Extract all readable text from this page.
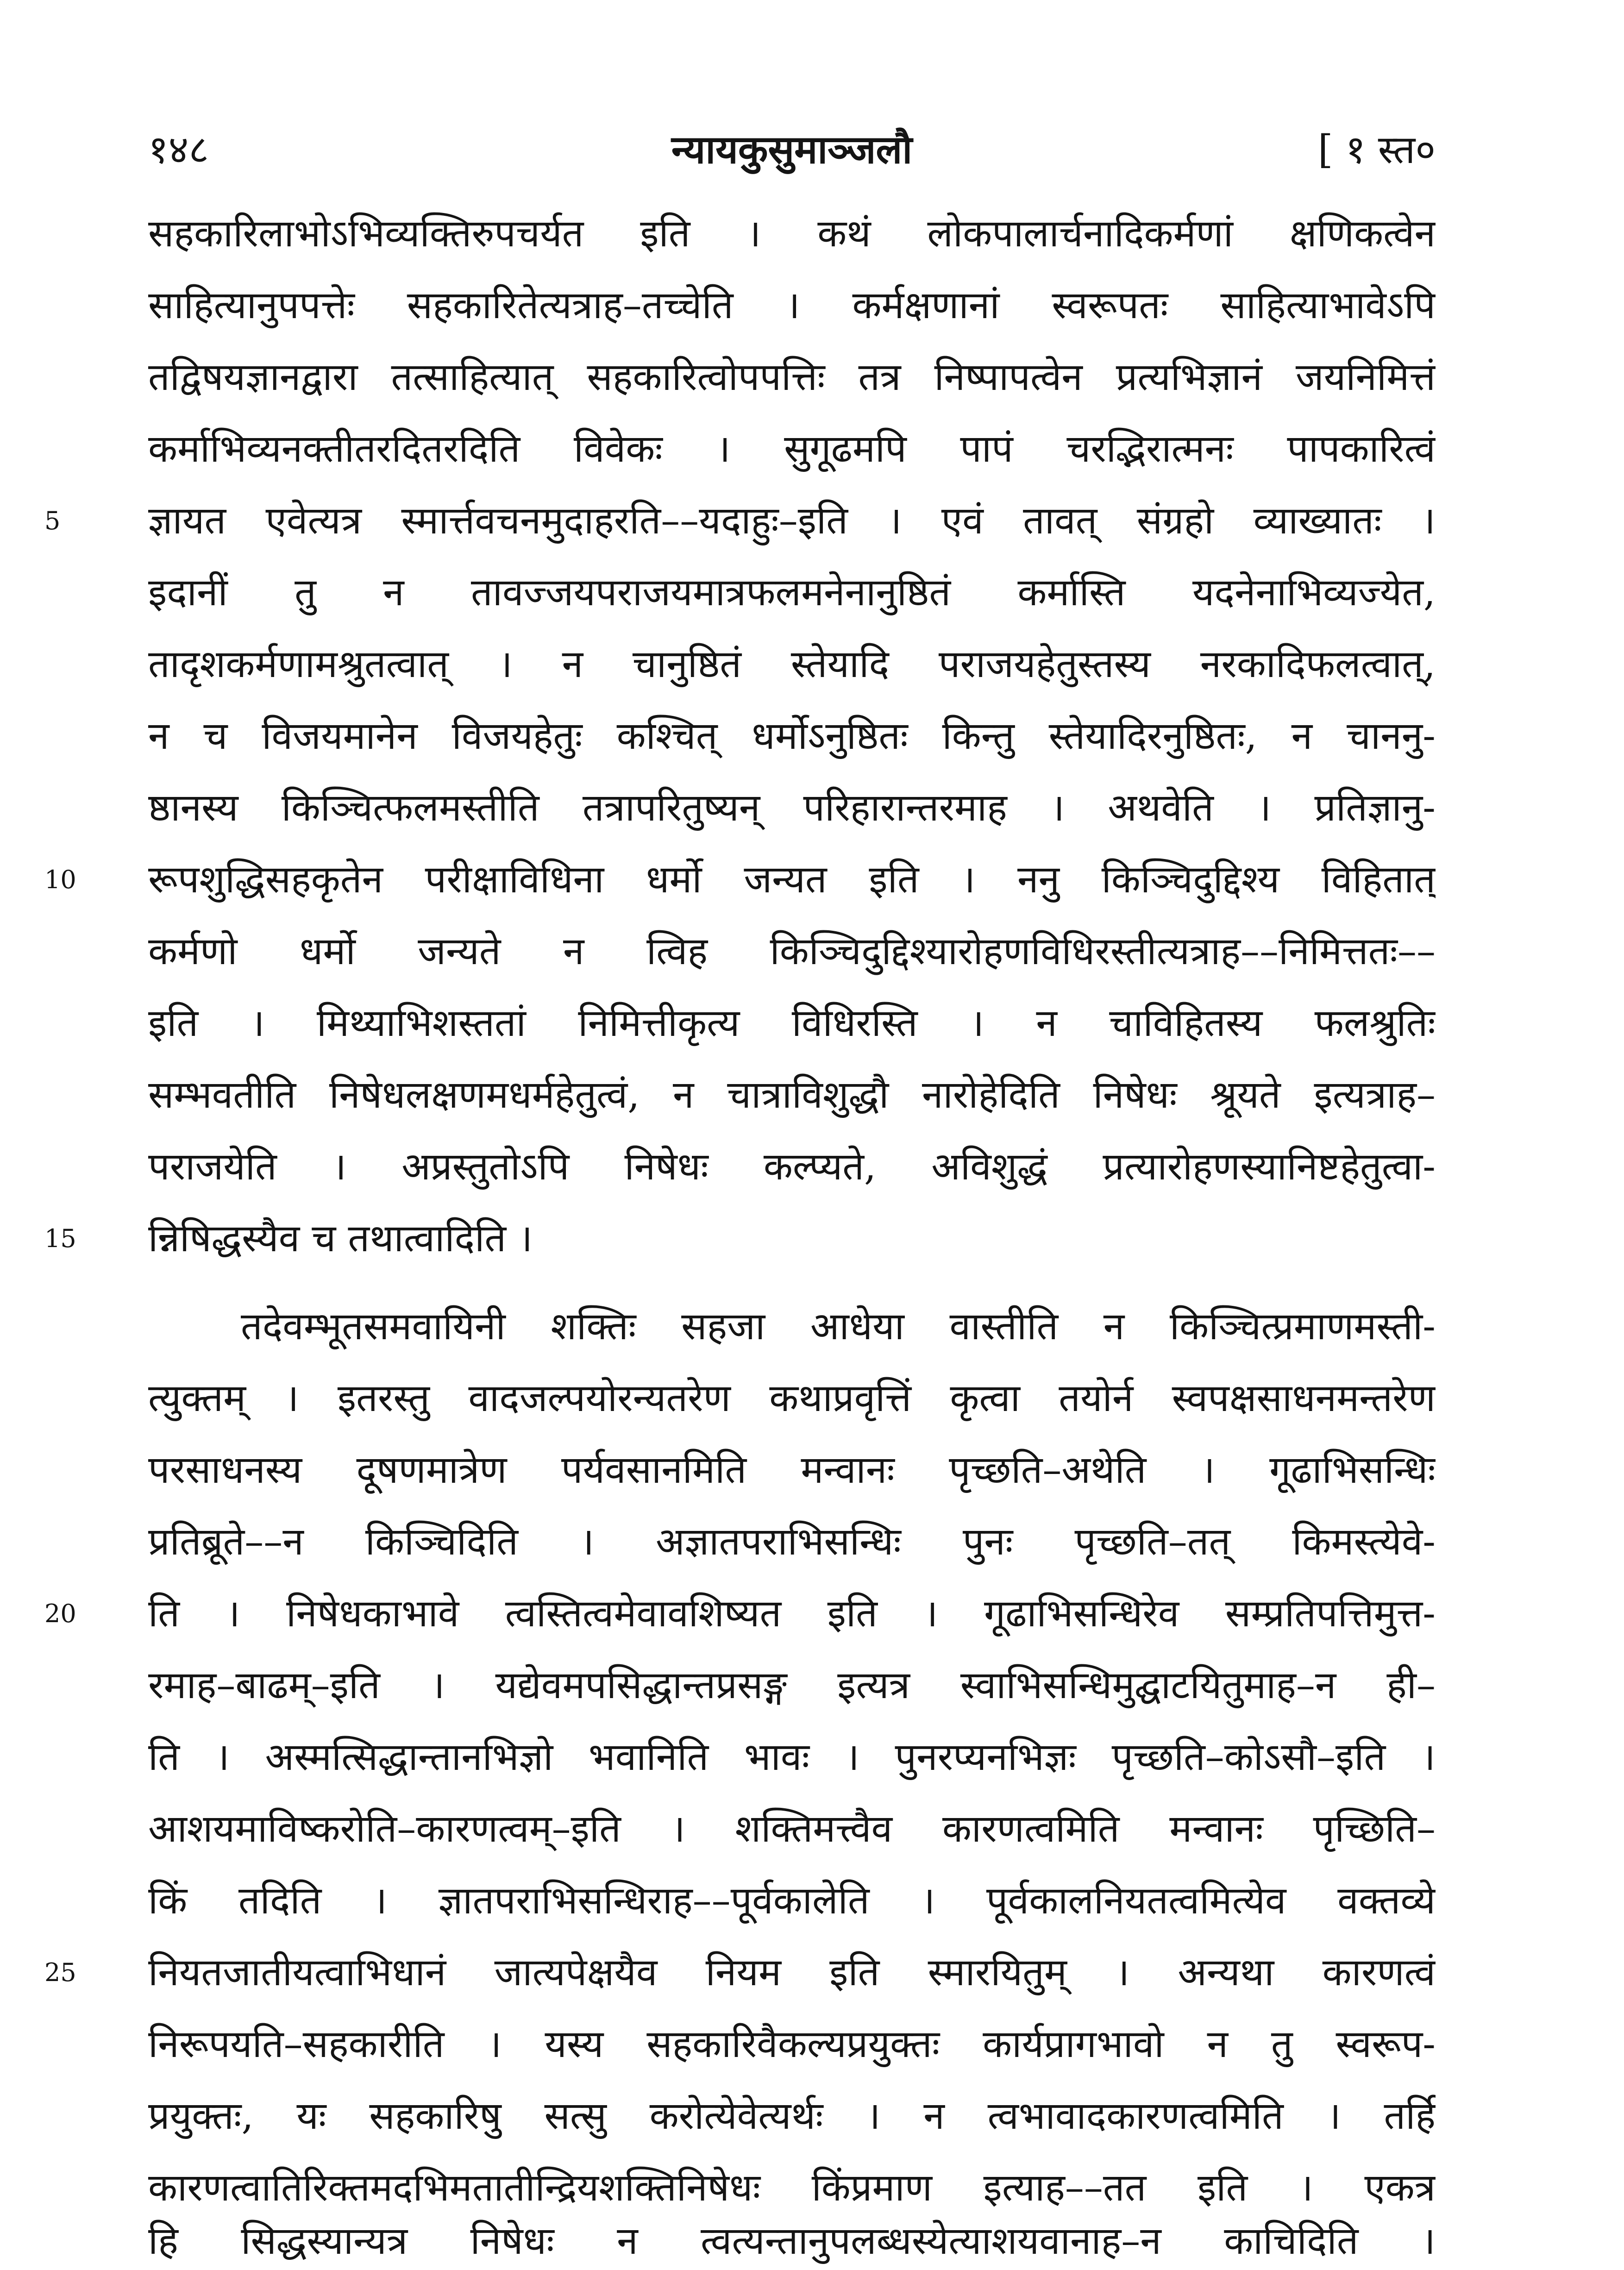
१४८	न्यायकुसुमाञ्जलौ	[ १ स्त०
सहकारिलाभोऽभिव्यक्तिरुपचर्यत इति । कथं लोकपालार्चनादिकर्मणां क्षणिकत्वेन
साहित्यानुपपत्तेः सहकारितेत्यत्राह–तच्चेति । कर्मक्षणानां स्वरूपतः साहित्याभावेऽपि
तद्विषयज्ञानद्वारा तत्साहित्यात् सहकारित्वोपपत्तिः तत्र निष्पापत्वेन प्रत्यभिज्ञानं जयनिमित्तं
कर्माभिव्यनक्तीतरदितरदिति विवेकः । सुगूढमपि पापं चरद्भिरात्मनः पापकारित्वं
5	ज्ञायत एवेत्यत्र स्मार्त्तवचनमुदाहरति––यदाहुः–इति । एवं तावत् संग्रहो व्याख्यातः ।
इदानीं तु न तावज्जयपराजयमात्रफलमनेनानुष्ठितं कर्मास्ति यदनेनाभिव्यज्येत,
तादृशकर्मणामश्रुतत्वात् । न चानुष्ठितं स्तेयादि पराजयहेतुस्तस्य नरकादिफलत्वात्,
न च विजयमानेन विजयहेतुः कश्चित् धर्मोऽनुष्ठितः किन्तु स्तेयादिरनुष्ठितः, न चाननु-
ष्ठानस्य किञ्चित्फलमस्तीति तत्रापरितुष्यन् परिहारान्तरमाह । अथवेति । प्रतिज्ञानु-
10	रूपशुद्धिसहकृतेन परीक्षाविधिना धर्मो जन्यत इति । ननु किञ्चिदुद्दिश्य विहितात्
कर्मणो धर्मो जन्यते न त्विह किञ्चिदुद्दिश्यारोहणविधिरस्तीत्यत्राह––निमित्ततः––
इति । मिथ्याभिशस्ततां निमित्तीकृत्य विधिरस्ति । न चाविहितस्य फलश्रुतिः
सम्भवतीति निषेधलक्षणमधर्महेतुत्वं, न चात्राविशुद्धौ नारोहेदिति निषेधः श्रूयते इत्यत्राह–
पराजयेति । अप्रस्तुतोऽपि निषेधः कल्प्यते, अविशुद्धं प्रत्यारोहणस्यानिष्टहेतुत्वा-
15	न्निषिद्धस्यैव च तथात्वादिति ।
तदेवम्भूतसमवायिनी शक्तिः सहजा आधेया वास्तीति न किञ्चित्प्रमाणमस्ती-
त्युक्तम् । इतरस्तु वादजल्पयोरन्यतरेण कथाप्रवृत्तिं कृत्वा तयोर्न स्वपक्षसाधनमन्तरेण
परसाधनस्य दूषणमात्रेण पर्यवसानमिति मन्वानः पृच्छति–अथेति । गूढाभिसन्धिः
प्रतिब्रूते––न किञ्चिदिति । अज्ञातपराभिसन्धिः पुनः पृच्छति–तत् किमस्त्येवे-
20	ति । निषेधकाभावे त्वस्तित्वमेवावशिष्यत इति । गूढाभिसन्धिरेव सम्प्रतिपत्तिमुत्त-
रमाह–बाढम्–इति । यद्येवमपसिद्धान्तप्रसङ्ग इत्यत्र स्वाभिसन्धिमुद्घाटयितुमाह–न ही–
ति । अस्मत्सिद्धान्तानभिज्ञो भवानिति भावः । पुनरप्यनभिज्ञः पृच्छति–कोऽसौ–इति ।
आशयमाविष्करोति–कारणत्वम्–इति । शक्तिमत्त्वैव कारणत्वमिति मन्वानः पृच्छिति–
किं तदिति । ज्ञातपराभिसन्धिराह––पूर्वकालेति । पूर्वकालनियतत्वमित्येव वक्तव्ये
25	नियतजातीयत्वाभिधानं जात्यपेक्षयैव नियम इति स्मारयितुम् । अन्यथा कारणत्वं
निरूपयति–सहकारीति । यस्य सहकारिवैकल्यप्रयुक्तः कार्यप्रागभावो न तु स्वरूप-
प्रयुक्तः, यः सहकारिषु सत्सु करोत्येवेत्यर्थः । न त्वभावादकारणत्वमिति । तर्हि
कारणत्वातिरिक्तमदभिमतातीन्द्रियशक्तिनिषेधः किंप्रमाण इत्याह––तत इति । एकत्र
हि सिद्धस्यान्यत्र निषेधः न त्वत्यन्तानुपलब्धस्येत्याशयवानाह–न काचिदिति ।
